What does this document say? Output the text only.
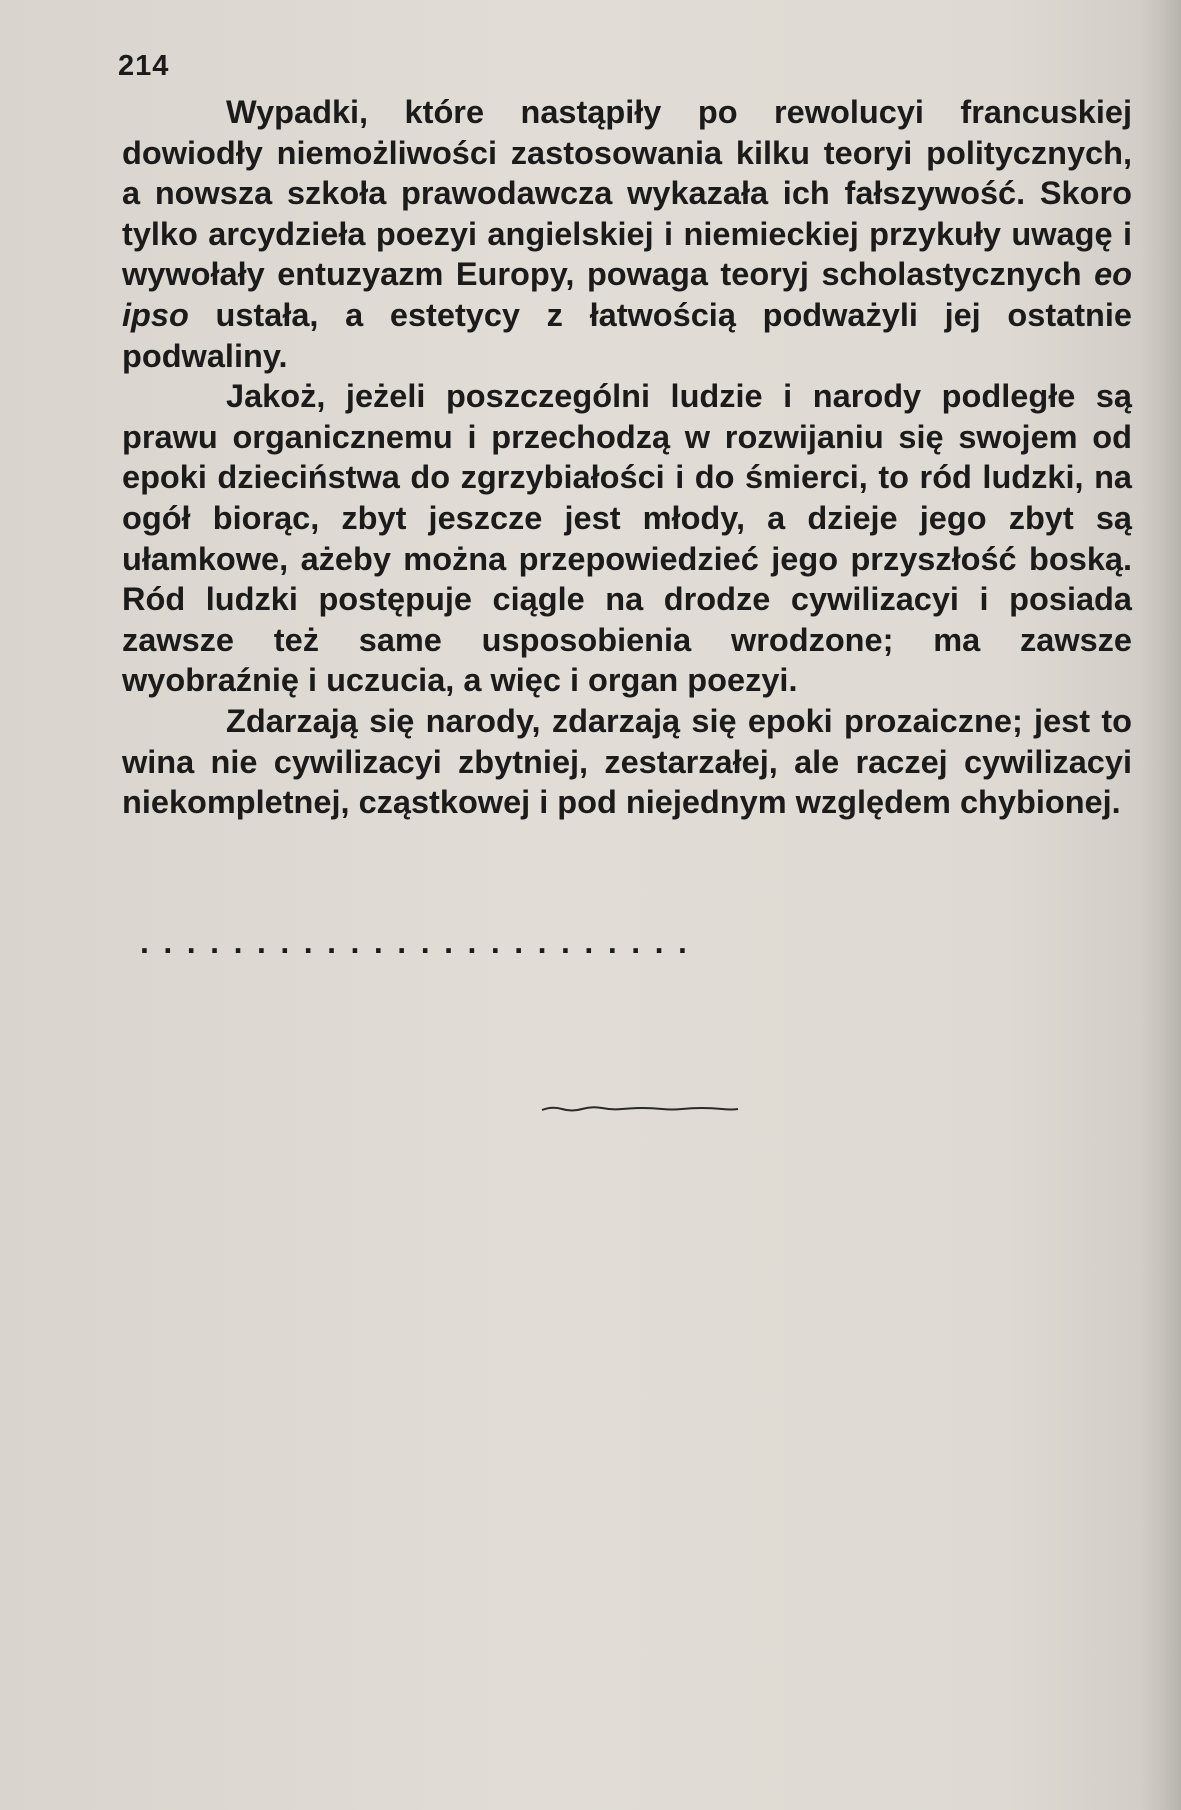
214

Wypadki, które nastąpiły po rewolucyi francuskiej dowiodły niemożliwości zastosowania kilku teoryi politycznych, a nowsza szkoła prawodawcza wykazała ich fałszywość. Skoro tylko arcydzieła poezyi angielskiej i niemieckiej przykuły uwagę i wywołały entuzyazm Europy, powaga teoryj scholastycznych eo ipso ustała, a estetycy z łatwością podważyli jej ostatnie podwaliny.

Jakoż, jeżeli poszczególni ludzie i narody podległe są prawu organicznemu i przechodzą w rozwijaniu się swojem od epoki dzieciństwa do zgrzybiałości i do śmierci, to ród ludzki, na ogół biorąc, zbyt jeszcze jest młody, a dzieje jego zbyt są ułamkowe, ażeby można przepowiedzieć jego przyszłość boską. Ród ludzki postępuje ciągle na drodze cywilizacyi i posiada zawsze też same usposobienia wrodzone; ma zawsze wyobraźnię i uczucia, a więc i organ poezyi.

Zdarzają się narody, zdarzają się epoki prozaiczne; jest to wina nie cywilizacyi zbytniej, zestarzałej, ale raczej cywilizacyi niekompletnej, cząstkowej i pod niejednym względem chybionej.

........................
